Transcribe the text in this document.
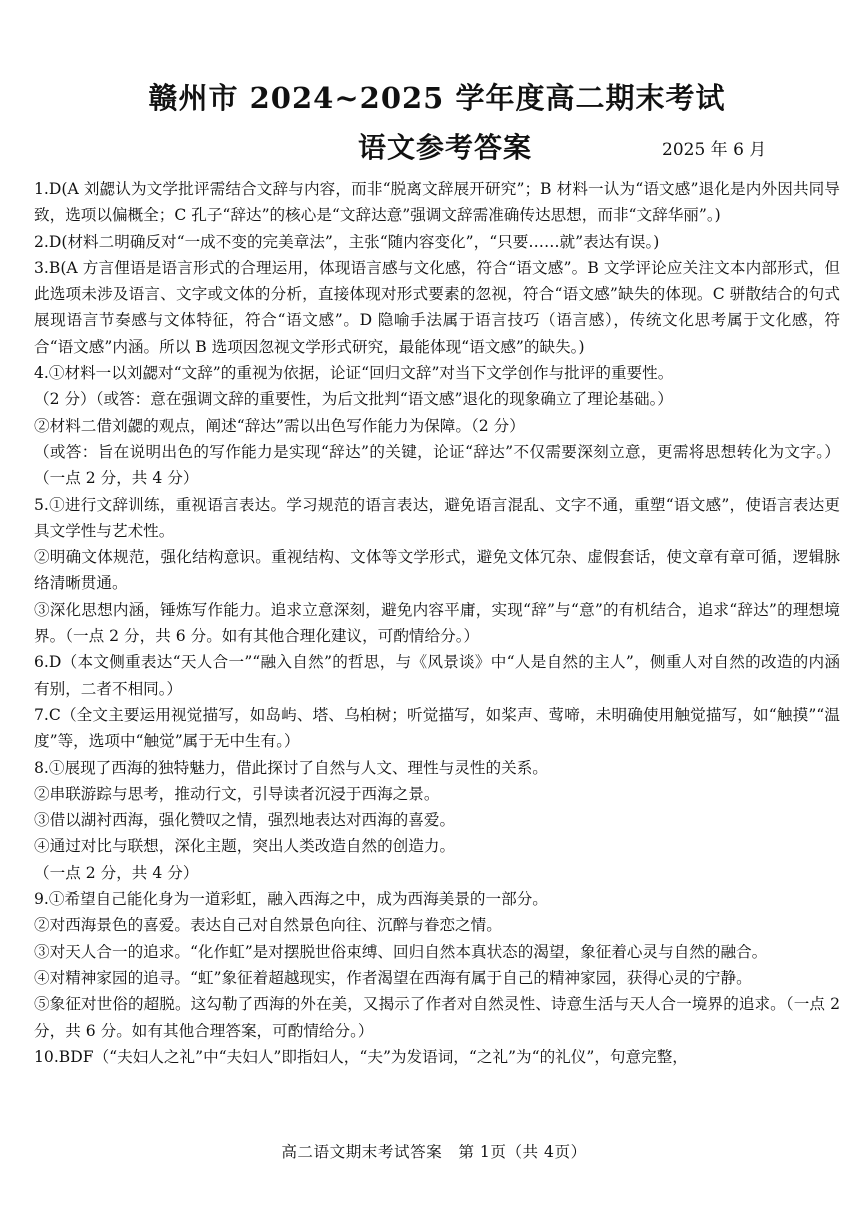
赣州市 2024~2025 学年度高二期末考试
语文参考答案	2025 年 6 月

1.D(A 刘勰认为文学批评需结合文辞与内容，而非“脱离文辞展开研究”；B 材料一认为“语文感”退化是内外因共同导致，选项以偏概全；C 孔子“辞达”的核心是“文辞达意”强调文辞需准确传达思想，而非“文辞华丽”。)

2.D(材料二明确反对“一成不变的完美章法”，主张“随内容变化”，“只要……就”表达有误。)

3.B(A 方言俚语是语言形式的合理运用，体现语言感与文化感，符合“语文感”。B 文学评论应关注文本内部形式，但此选项未涉及语言、文字或文体的分析，直接体现对形式要素的忽视，符合“语文感”缺失的体现。C 骈散结合的句式展现语言节奏感与文体特征，符合“语文感”。D 隐喻手法属于语言技巧（语言感），传统文化思考属于文化感，符合“语文感”内涵。所以 B 选项因忽视文学形式研究，最能体现“语文感”的缺失。)

4.①材料一以刘勰对“文辞”的重视为依据，论证“回归文辞”对当下文学创作与批评的重要性。

（2 分）（或答：意在强调文辞的重要性，为后文批判“语文感”退化的现象确立了理论基础。）

②材料二借刘勰的观点，阐述“辞达”需以出色写作能力为保障。（2 分）

（或答：旨在说明出色的写作能力是实现“辞达”的关键，论证“辞达”不仅需要深刻立意，更需将思想转化为文字。）（一点 2 分，共 4 分）

5.①进行文辞训练，重视语言表达。学习规范的语言表达，避免语言混乱、文字不通，重塑“语文感”，使语言表达更具文学性与艺术性。

②明确文体规范，强化结构意识。重视结构、文体等文学形式，避免文体冗杂、虚假套话，使文章有章可循，逻辑脉络清晰贯通。

③深化思想内涵，锤炼写作能力。追求立意深刻，避免内容平庸，实现“辞”与“意”的有机结合，追求“辞达”的理想境界。（一点 2 分，共 6 分。如有其他合理化建议，可酌情给分。）

6.D（本文侧重表达“天人合一”“融入自然”的哲思，与《风景谈》中“人是自然的主人”，侧重人对自然的改造的内涵有别，二者不相同。）

7.C（全文主要运用视觉描写，如岛屿、塔、乌桕树；听觉描写，如桨声、莺啼，未明确使用触觉描写，如“触摸”“温度”等，选项中“触觉”属于无中生有。）

8.①展现了西海的独特魅力，借此探讨了自然与人文、理性与灵性的关系。

②串联游踪与思考，推动行文，引导读者沉浸于西海之景。

③借以湖衬西海，强化赞叹之情，强烈地表达对西海的喜爱。

④通过对比与联想，深化主题，突出人类改造自然的创造力。

（一点 2 分，共 4 分）

9.①希望自己能化身为一道彩虹，融入西海之中，成为西海美景的一部分。

②对西海景色的喜爱。表达自己对自然景色向往、沉醉与眷恋之情。

③对天人合一的追求。“化作虹”是对摆脱世俗束缚、回归自然本真状态的渴望，象征着心灵与自然的融合。

④对精神家园的追寻。“虹”象征着超越现实，作者渴望在西海有属于自己的精神家园，获得心灵的宁静。

⑤象征对世俗的超脱。这勾勒了西海的外在美，又揭示了作者对自然灵性、诗意生活与天人合一境界的追求。（一点 2 分，共 6 分。如有其他合理答案，可酌情给分。）

10.BDF（“夫妇人之礼”中“夫妇人”即指妇人，“夫”为发语词，“之礼”为“的礼仪”，句意完整，

高二语文期末考试答案　第 1页（共 4页）
